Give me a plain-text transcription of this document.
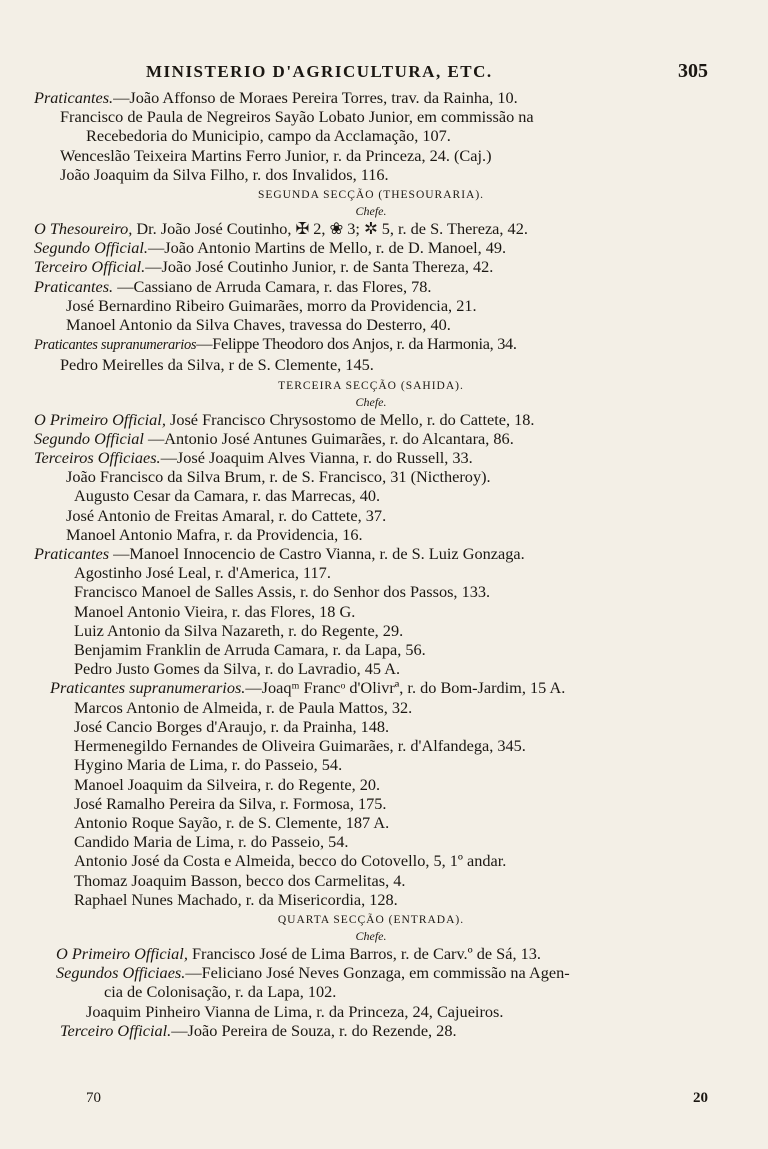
MINISTERIO D'AGRICULTURA, ETC.	305
Praticantes.—João Affonso de Moraes Pereira Torres, trav. da Rainha, 10.
Francisco de Paula de Negreiros Sayão Lobato Junior, em commissão na
Recebedoria do Municipio, campo da Acclamação, 107.
Wenceslão Teixeira Martins Ferro Junior, r. da Princeza, 24. (Caj.)
João Joaquim da Silva Filho, r. dos Invalidos, 116.
SEGUNDA SECÇÃO (THESOURARIA).
Chefe.
O Thesoureiro, Dr. João José Coutinho, ✠ 2, ❀ 3; ✲ 5, r. de S. Thereza, 42.
Segundo Official.—João Antonio Martins de Mello, r. de D. Manoel, 49.
Terceiro Official.—João José Coutinho Junior, r. de Santa Thereza, 42.
Praticantes. —Cassiano de Arruda Camara, r. das Flores, 78.
José Bernardino Ribeiro Guimarães, morro da Providencia, 21.
Manoel Antonio da Silva Chaves, travessa do Desterro, 40.
Praticantes supranumerarios—Felippe Theodoro dos Anjos, r. da Harmonia, 34.
Pedro Meirelles da Silva, r de S. Clemente, 145.
TERCEIRA SECÇÃO (SAHIDA).
Chefe.
O Primeiro Official, José Francisco Chrysostomo de Mello, r. do Cattete, 18.
Segundo Official —Antonio José Antunes Guimarães, r. do Alcantara, 86.
Terceiros Officiaes.—José Joaquim Alves Vianna, r. do Russell, 33.
João Francisco da Silva Brum, r. de S. Francisco, 31 (Nictheroy).
Augusto Cesar da Camara, r. das Marrecas, 40.
José Antonio de Freitas Amaral, r. do Cattete, 37.
Manoel Antonio Mafra, r. da Providencia, 16.
Praticantes —Manoel Innocencio de Castro Vianna, r. de S. Luiz Gonzaga.
Agostinho José Leal, r. d'America, 117.
Francisco Manoel de Salles Assis, r. do Senhor dos Passos, 133.
Manoel Antonio Vieira, r. das Flores, 18 G.
Luiz Antonio da Silva Nazareth, r. do Regente, 29.
Benjamim Franklin de Arruda Camara, r. da Lapa, 56.
Pedro Justo Gomes da Silva, r. do Lavradio, 45 A.
Praticantes supranumerarios.—Joaqᵐ Francᵒ d'Olivrª, r. do Bom-Jardim, 15 A.
Marcos Antonio de Almeida, r. de Paula Mattos, 32.
José Cancio Borges d'Araujo, r. da Prainha, 148.
Hermenegildo Fernandes de Oliveira Guimarães, r. d'Alfandega, 345.
Hygino Maria de Lima, r. do Passeio, 54.
Manoel Joaquim da Silveira, r. do Regente, 20.
José Ramalho Pereira da Silva, r. Formosa, 175.
Antonio Roque Sayão, r. de S. Clemente, 187 A.
Candido Maria de Lima, r. do Passeio, 54.
Antonio José da Costa e Almeida, becco do Cotovello, 5, 1º andar.
Thomaz Joaquim Basson, becco dos Carmelitas, 4.
Raphael Nunes Machado, r. da Misericordia, 128.
QUARTA SECÇÃO (ENTRADA).
Chefe.
O Primeiro Official, Francisco José de Lima Barros, r. de Carv.º de Sá, 13.
Segundos Officiaes.—Feliciano José Neves Gonzaga, em commissão na Agen-
cia de Colonisação, r. da Lapa, 102.
Joaquim Pinheiro Vianna de Lima, r. da Princeza, 24, Cajueiros.
Terceiro Official.—João Pereira de Souza, r. do Rezende, 28.
70	20
